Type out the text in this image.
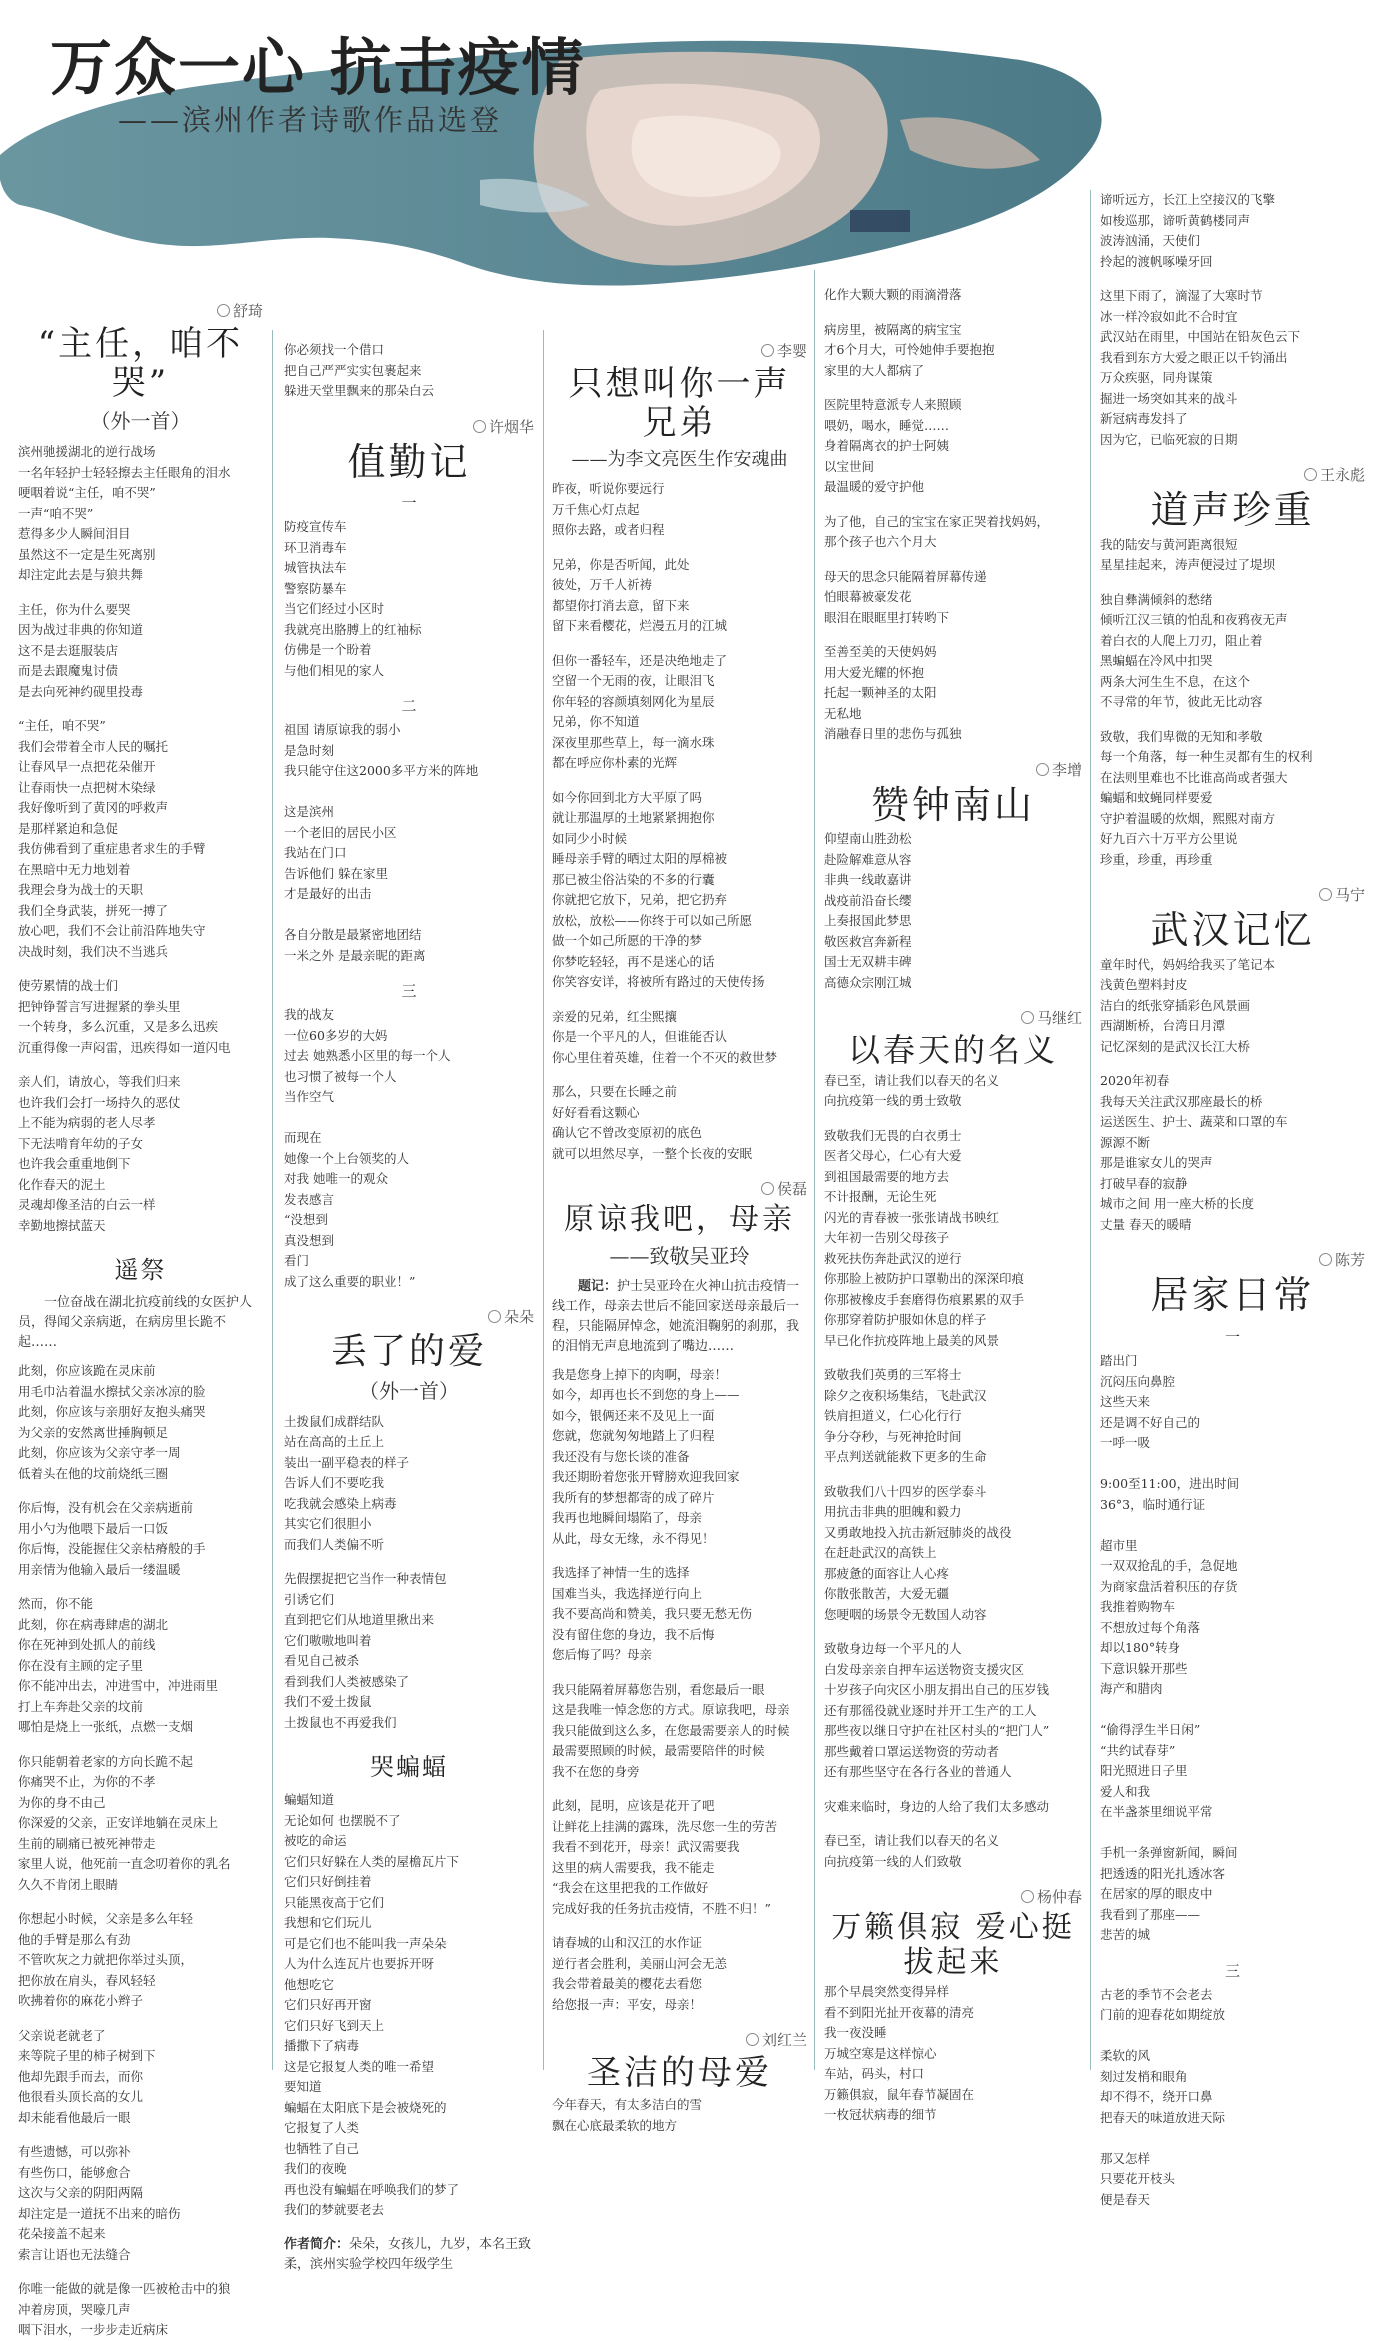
万众一心 抗击疫情
——滨州作者诗歌作品选登
舒琦
“主任，咱不哭”
（外一首）
滨州驰援湖北的逆行战场
一名年轻护士轻轻擦去主任眼角的泪水
哽咽着说“主任，咱不哭”
一声“咱不哭”
惹得多少人瞬间泪目
虽然这不一定是生死离别
却注定此去是与狼共舞
主任，你为什么要哭
因为战过非典的你知道
这不是去逛服装店
而是去跟魔鬼讨债
是去向死神约砚里投毒
“主任，咱不哭”
我们会带着全市人民的嘱托
让春风早一点把花朵催开
让春雨快一点把树木染绿
我好像听到了黄冈的呼救声
是那样紧迫和急促
我仿佛看到了重症患者求生的手臂
在黑暗中无力地划着
我理会身为战士的天职
我们全身武装，拼死一搏了
放心吧，我们不会让前沿阵地失守
决战时刻，我们决不当逃兵
使劳累情的战士们
把钟铮誓言写进握紧的拳头里
一个转身，多么沉重，又是多么迅疾
沉重得像一声闷雷，迅疾得如一道闪电
亲人们，请放心，等我们归来
也许我们会打一场持久的恶仗
上不能为病弱的老人尽孝
下无法啃育年幼的子女
也许我会重重地倒下
化作春天的泥土
灵魂却像圣洁的白云一样
幸勤地擦拭蓝天
遥祭
一位奋战在湖北抗疫前线的女医护人员，得闻父亲病逝，在病房里长跪不起……
此刻，你应该跪在灵床前
用毛巾沾着温水擦拭父亲冰凉的脸
此刻，你应该与亲朋好友抱头痛哭
为父亲的安然离世捶胸顿足
此刻，你应该为父亲守孝一周
低着头在他的坟前烧纸三圈
你后悔，没有机会在父亲病逝前
用小勺为他喂下最后一口饭
你后悔，没能握住父亲枯瘠般的手
用亲情为他输入最后一缕温暖
然而，你不能
此刻，你在病毒肆虐的湖北
你在死神到处抓人的前线
你在没有主顾的定子里
你不能冲出去，冲进雪中，冲进雨里
打上车奔赴父亲的坟前
哪怕是烧上一张纸，点燃一支烟
你只能朝着老家的方向长跪不起
你痛哭不止，为你的不孝
为你的身不由己
你深爱的父亲，正安详地躺在灵床上
生前的刷痛已被死神带走
家里人说，他死前一直念叨着你的乳名
久久不肯闭上眼睛
你想起小时候，父亲是多么年轻
他的手臂是那么有劲
不管吹灰之力就把你举过头顶，
把你放在肩头，春风轻轻
吹拂着你的麻花小辫子
父亲说老就老了
来等院子里的柿子树到下
他却先跟手而去，而你
他很看头顶长高的女儿
却未能看他最后一眼
有些遗憾，可以弥补
有些伤口，能够愈合
这次与父亲的阴阳两隔
却注定是一道抚不出来的暗伤
花朵接盖不起来
索言让语也无法缝合
你唯一能做的就是像一匹被枪击中的狼
冲着房顶，哭嚎几声
咽下泪水，一步步走近病床
你必须找一个借口
把自己严严实实包裹起来
躲进天堂里飘来的那朵白云
许烟华
值勤记
一
防疫宣传车
环卫消毒车
城管执法车
警察防暴车
当它们经过小区时
我就亮出胳膊上的红袖标
仿佛是一个盼着
与他们相见的家人
二
祖国 请原谅我的弱小
是急时刻
我只能守住这2000多平方米的阵地

这是滨州
一个老旧的居民小区
我站在门口
告诉他们 躲在家里
才是最好的出击

各自分散是最紧密地团结
一米之外 是最亲昵的距离
三
我的战友
一位60多岁的大妈
过去 她熟悉小区里的每一个人
也习惯了被每一个人
当作空气

而现在
她像一个上台领奖的人
对我 她唯一的观众
发表感言
“没想到
真没想到
看门
成了这么重要的职业！”
朵朵
丢了的爱
（外一首）
土拨鼠们成群结队
站在高高的土丘上
装出一副平稳表的样子
告诉人们不要吃我
吃我就会感染上病毒
其实它们很胆小
而我们人类偏不听
先假摆捉把它当作一种表情包
引诱它们
直到把它们从地道里揪出来
它们嗷嗷地叫着
看见自己被杀
看到我们人类被感染了
我们不爱土拨鼠
土拨鼠也不再爱我们
哭蝙蝠
蝙蝠知道
无论如何 也摆脱不了
被吃的命运
它们只好躲在人类的屋檐瓦片下
它们只好倒挂着
只能黑夜高于它们
我想和它们玩儿
可是它们也不能叫我一声朵朵
人为什么连瓦片也要拆开呀
他想吃它
它们只好再开窗
它们只好飞到天上
播撒下了病毒
这是它报复人类的唯一希望
要知道
蝙蝠在太阳底下是会被烧死的
它报复了人类
也牺牲了自己
我们的夜晚
再也没有蝙蝠在呼唤我们的梦了
我们的梦就要老去
作者简介：朵朵，女孩儿，九岁，本名王致柔，滨州实验学校四年级学生
李婴
只想叫你一声兄弟
——为李文亮医生作安魂曲
昨夜，听说你要远行
万千焦心灯点起
照你去路，或者归程
兄弟，你是否听闻，此处
彼处，万千人祈祷
都望你打消去意，留下来
留下来看樱花，烂漫五月的江城
但你一番轻车，还是决绝地走了
空留一个无雨的夜，让眼泪飞
你年轻的容颜填刻网化为星辰
兄弟，你不知道
深夜里那些草上，每一滴水珠
都在呼应你朴素的光辉
如今你回到北方大平原了吗
就让那温厚的土地紧紧拥抱你
如同少小时候
睡母亲手臂的晒过太阳的厚棉被
那已被尘俗沾染的不多的行囊
你就把它放下，兄弟，把它扔弃
放松，放松——你终于可以如己所愿
做一个如己所愿的干净的梦
你梦吃轻轻，再不是迷心的话
你笑容安详，将被所有路过的天使传扬
亲爱的兄弟，红尘熙攘
你是一个平凡的人，但谁能否认
你心里住着英雄，住着一个不灭的救世梦
那么，只要在长睡之前
好好看看这颗心
确认它不曾改变原初的底色
就可以坦然尽享，一整个长夜的安眠
侯磊
原谅我吧，母亲
——致敬吴亚玲
题记：护士吴亚玲在火神山抗击疫情一线工作，母亲去世后不能回家送母亲最后一程，只能隔屏悼念，她流泪鞠躬的刹那，我的泪悄无声息地流到了嘴边……
我是您身上掉下的肉啊，母亲！
如今，却再也长不到您的身上——
如今，银俩还来不及见上一面
您就，您就匆匆地踏上了归程
我还没有与您长谈的准备
我还期盼着您张开臂膀欢迎我回家
我所有的梦想都寄的成了碎片
我再也地瞬间塌陷了，母亲
从此，母女无缘，永不得见！
我选择了神情一生的选择
国难当头，我选择逆行向上
我不要高尚和赞美，我只要无愁无伤
没有留住您的身边，我不后悔
您后悔了吗？母亲
我只能隔着屏幕您告别，看您最后一眼
这是我唯一悼念您的方式。原谅我吧，母亲
我只能做到这么多，在您最需要亲人的时候
最需要照顾的时候，最需要陪伴的时候
我不在您的身旁
此刻，昆明，应该是花开了吧
让鲜花上挂满的露珠，洗尽您一生的劳苦
我看不到花开，母亲！武汉需要我
这里的病人需要我，我不能走
“我会在这里把我的工作做好
完成好我的任务抗击疫情，不胜不归！”
请春城的山和汉江的水作证
逆行者会胜利，美丽山河会无恙
我会带着最美的樱花去看您
给您报一声：平安，母亲！
刘红兰
圣洁的母爱
今年春天，有太多洁白的雪
飘在心底最柔软的地方
化作大颗大颗的雨滴滑落
病房里，被隔离的病宝宝
才6个月大，可怜她伸手要抱抱
家里的大人都病了
医院里特意派专人来照顾
喂奶，喝水，睡觉……
身着隔离衣的护士阿姨
以宝世间
最温暖的爱守护他
为了他，自己的宝宝在家正哭着找妈妈，
那个孩子也六个月大
母天的思念只能隔着屏幕传递
怕眼幕被豪发花
眼泪在眼眶里打转哟下
至善至美的天使妈妈
用大爱光耀的怀抱
托起一颗神圣的太阳
无私地
消融春日里的悲伤与孤独
李增
赞钟南山
仰望南山胜劲松
赴险解难意从容
非典一线敢嘉讲
战疫前沿奋长缨
上奏报国此梦思
敬医救宫奔新程
国士无双耕丰碑
高德众宗刚江城
马继红
以春天的名义
春已至，请让我们以春天的名义
向抗疫第一线的勇士致敬
致敬我们无畏的白衣勇士
医者父母心，仁心有大爱
到祖国最需要的地方去
不计报酬，无论生死
闪光的青春被一张张请战书映红
大年初一告别父母孩子
救死扶伤奔赴武汉的逆行
你那脸上被防护口罩勒出的深深印痕
你那被橡皮手套磨得伤痕累累的双手
你那穿着防护服如休息的样子
早已化作抗疫阵地上最美的风景
致敬我们英勇的三军将士
除夕之夜积场集结，飞赴武汉
铁肩担道义，仁心化行行
争分夺秒，与死神抢时间
平点判送就能救下更多的生命
致敬我们八十四岁的医学泰斗
用抗击非典的胆魄和毅力
又勇敢地投入抗击新冠肺炎的战役
在赶赴武汉的高铁上
那疲惫的面容让人心疼
你散张散苦，大爱无疆
您哽咽的场景令无数国人动容
致敬身边每一个平凡的人
白发母亲亲自押车运送物资支援灾区
十岁孩子向灾区小朋友捐出自己的压岁钱
还有那徭役就业逐时并开工生产的工人
那些夜以继日守护在社区村头的“把门人”
那些戴着口罩运送物资的劳动者
还有那些坚守在各行各业的普通人
灾难来临时，身边的人给了我们太多感动
春已至，请让我们以春天的名义
向抗疫第一线的人们致敬
杨仲春
万籁俱寂 爱心挺拔起来
那个早晨突然变得异样
看不到阳光扯开夜幕的清亮
我一夜没睡
万城空寒是这样惊心
车站，码头，村口
万籁俱寂，鼠年春节凝固在
一枚冠状病毒的细节
谛听远方，长江上空接汉的飞擎
如梭巡那，谛听黄鹤楼同声
波涛汹涌，天使们
拎起的渡帆啄噪牙回
这里下雨了，滴湿了大寒时节
冰一样冷寂如此不合时宜
武汉站在雨里，中国站在铅灰色云下
我看到东方大爱之眼正以千钧涌出
万众疾驱，同舟谋策
掘进一场突如其来的战斗
新冠病毒发抖了
因为它，已临死寂的日期
王永彪
道声珍重
我的陆安与黄河距离很短
星星挂起来，涛声便浸过了堤坝
独自彝满倾斜的愁绪
倾听江汉三镇的怕乱和夜鸦夜无声
着白衣的人爬上刀刃，阻止着
黑蝙蝠在冷风中扣哭
两条大河生生不息，在这个
不寻常的年节，彼此无比动容
致敬，我们卑微的无知和孝敬
每一个角落，每一种生灵都有生的权利
在法则里难也不比谁高尚或者强大
蝙蝠和蚊蝇同样要爱
守护着温暖的炊烟，熙熙对南方
好九百六十万平方公里说
珍重，珍重，再珍重
马宁
武汉记忆
童年时代，妈妈给我买了笔记本
浅黄色塑料封皮
洁白的纸张穿插彩色风景画
西湖断桥，台湾日月潭
记忆深刻的是武汉长江大桥
2020年初春
我每天关注武汉那座最长的桥
运送医生、护士、蔬菜和口罩的车
源源不断
那是谁家女儿的哭声
打破早春的寂静
城市之间 用一座大桥的长度
丈量 春天的暖晴
陈芳
居家日常
一
踏出门
沉闷压向鼻腔
这些天来
还是调不好自己的
一呼一吸

9:00至11:00，进出时间
36°3，临时通行证

超市里
一双双抢乱的手，急促地
为商家盘活着积压的存货
我推着购物车
不想放过每个角落
却以180°转身
下意识躲开那些
海产和腊肉

“偷得浮生半日闲”
“共约试春芽”
阳光照进日子里
爱人和我
在半盏茶里细说平常

手机一条弹窗新闻，瞬间
把透透的阳光扎透冰客
在居家的厚的眼皮中
我看到了那座——
悲苦的城
三
古老的季节不会老去
门前的迎春花如期绽放

柔软的风
刻过发梢和眼角
却不得不，绕开口鼻
把春天的味道放进天际

那又怎样
只要花开枝头
便是春天
